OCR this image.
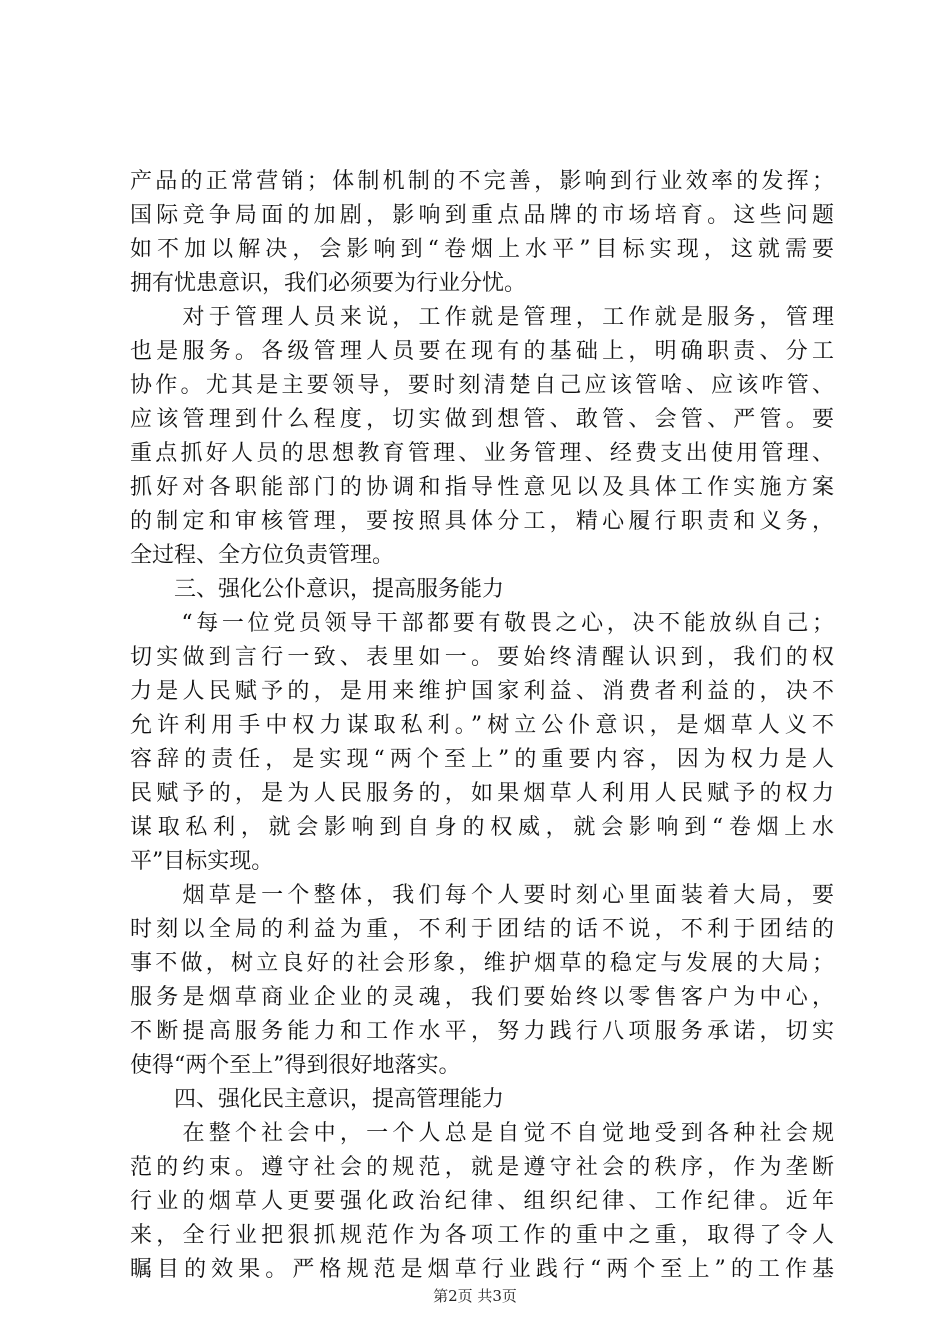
产品的正常营销；体制机制的不完善，影响到行业效率的发挥；
国际竞争局面的加剧，影响到重点品牌的市场培育。这些问题
如不加以解决，会影响到“卷烟上水平”目标实现，这就需要
拥有忧患意识，我们必须要为行业分忧。
　　对于管理人员来说，工作就是管理，工作就是服务，管理
也是服务。各级管理人员要在现有的基础上，明确职责、分工
协作。尤其是主要领导，要时刻清楚自己应该管啥、应该咋管、
应该管理到什么程度，切实做到想管、敢管、会管、严管。要
重点抓好人员的思想教育管理、业务管理、经费支出使用管理、
抓好对各职能部门的协调和指导性意见以及具体工作实施方案
的制定和审核管理，要按照具体分工，精心履行职责和义务，
全过程、全方位负责管理。
　　三、强化公仆意识，提高服务能力
　　“每一位党员领导干部都要有敬畏之心，决不能放纵自己；
切实做到言行一致、表里如一。要始终清醒认识到，我们的权
力是人民赋予的，是用来维护国家利益、消费者利益的，决不
允许利用手中权力谋取私利。”树立公仆意识，是烟草人义不
容辞的责任，是实现“两个至上”的重要内容，因为权力是人
民赋予的，是为人民服务的，如果烟草人利用人民赋予的权力
谋取私利，就会影响到自身的权威，就会影响到“卷烟上水
平”目标实现。
　　烟草是一个整体，我们每个人要时刻心里面装着大局，要
时刻以全局的利益为重，不利于团结的话不说，不利于团结的
事不做，树立良好的社会形象，维护烟草的稳定与发展的大局；
服务是烟草商业企业的灵魂，我们要始终以零售客户为中心，
不断提高服务能力和工作水平，努力践行八项服务承诺，切实
使得“两个至上”得到很好地落实。
　　四、强化民主意识，提高管理能力
　　在整个社会中，一个人总是自觉不自觉地受到各种社会规
范的约束。遵守社会的规范，就是遵守社会的秩序，作为垄断
行业的烟草人更要强化政治纪律、组织纪律、工作纪律。近年
来，全行业把狠抓规范作为各项工作的重中之重，取得了令人
瞩目的效果。严格规范是烟草行业践行“两个至上”的工作基
第2页 共3页
